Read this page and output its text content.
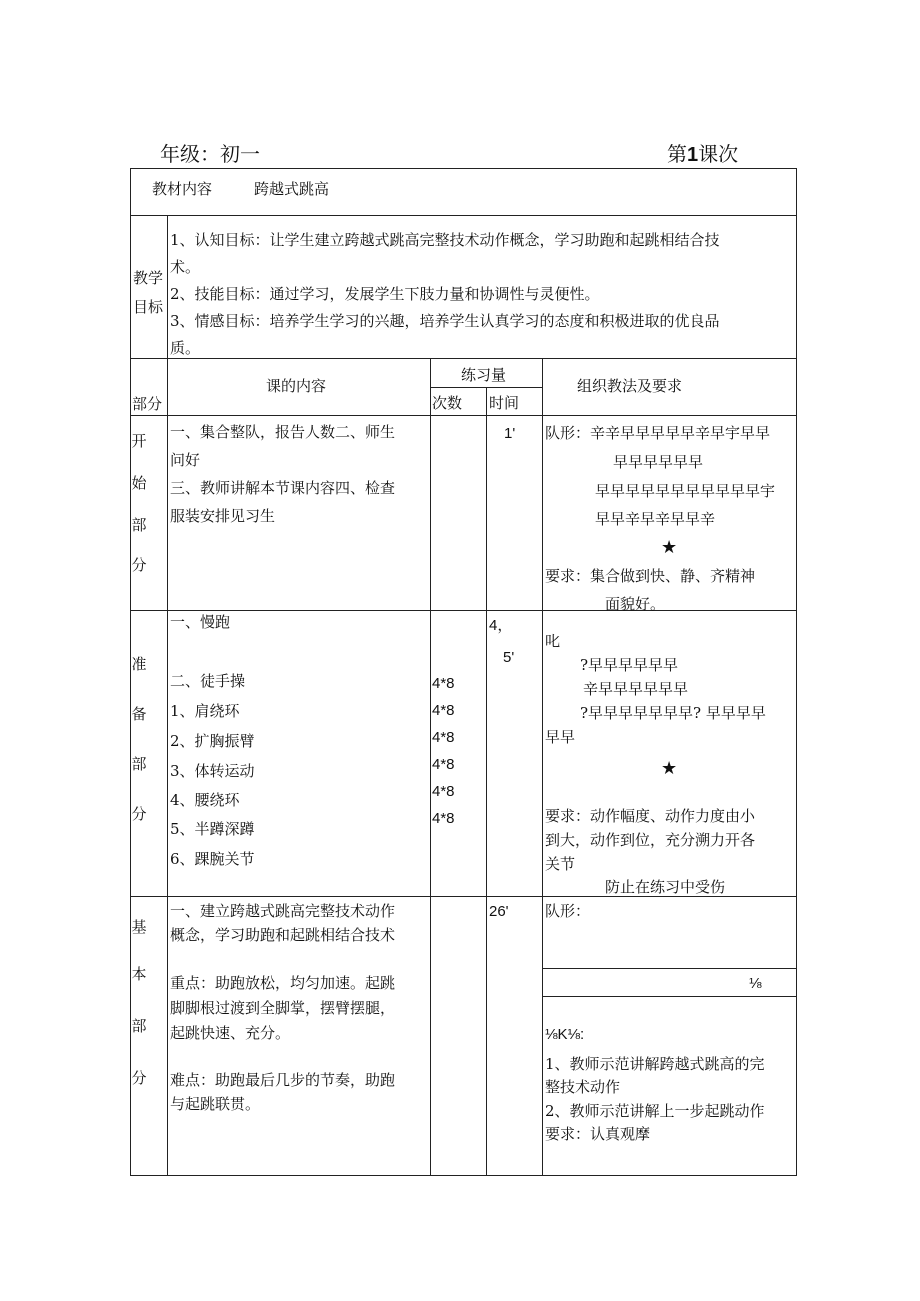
年级：初一	第1课次
教材内容	跨越式跳高
教学
目标
1、认知目标：让学生建立跨越式跳高完整技术动作概念，学习助跑和起跳相结合技
术。
2、技能目标：通过学习，发展学生下肢力量和协调性与灵便性。
3、情感目标：培养学生学习的兴趣，培养学生认真学习的态度和积极进取的优良品
质。
部分
课的内容
练习量
次数 时间
组织教法及要求
开
始
部
分
一、集合整队，报告人数二、师生
问好
三、教师讲解本节课内容四、检查
服装安排见习生
1' 队形：辛辛早早早早早辛早宇早早
早早早早早早
早早早早早早早早早早早宇
早早辛早辛早早辛
★
要求：集合做到快、静、齐精神
面貌好。
准
备
部
分
一、慢跑
二、徒手操
1、肩绕环
2、扩胸振臂
3、体转运动
4、腰绕环
5、半蹲深蹲
6、踝腕关节
4*8
4*8
4*8
4*8
4*8
4*8
4，
5'
叱
?早早早早早早
辛早早早早早早
?早早早早早早早? 早早早早
早早
★
要求：动作幅度、动作力度由小
到大，动作到位，充分溯力开各
关节
防止在练习中受伤
基
本
部
分
一、建立跨越式跳高完整技术动作
概念，学习助跑和起跳相结合技术
重点：助跑放松，均匀加速。起跳
脚脚根过渡到全脚掌，摆臂摆腿，
起跳快速、充分。
难点：助跑最后几步的节奏，助跑
与起跳联贯。
26' 队形：
⅛
⅛K⅛:
1、教师示范讲解跨越式跳高的完
整技术动作
2、教师示范讲解上一步起跳动作
要求：认真观摩
